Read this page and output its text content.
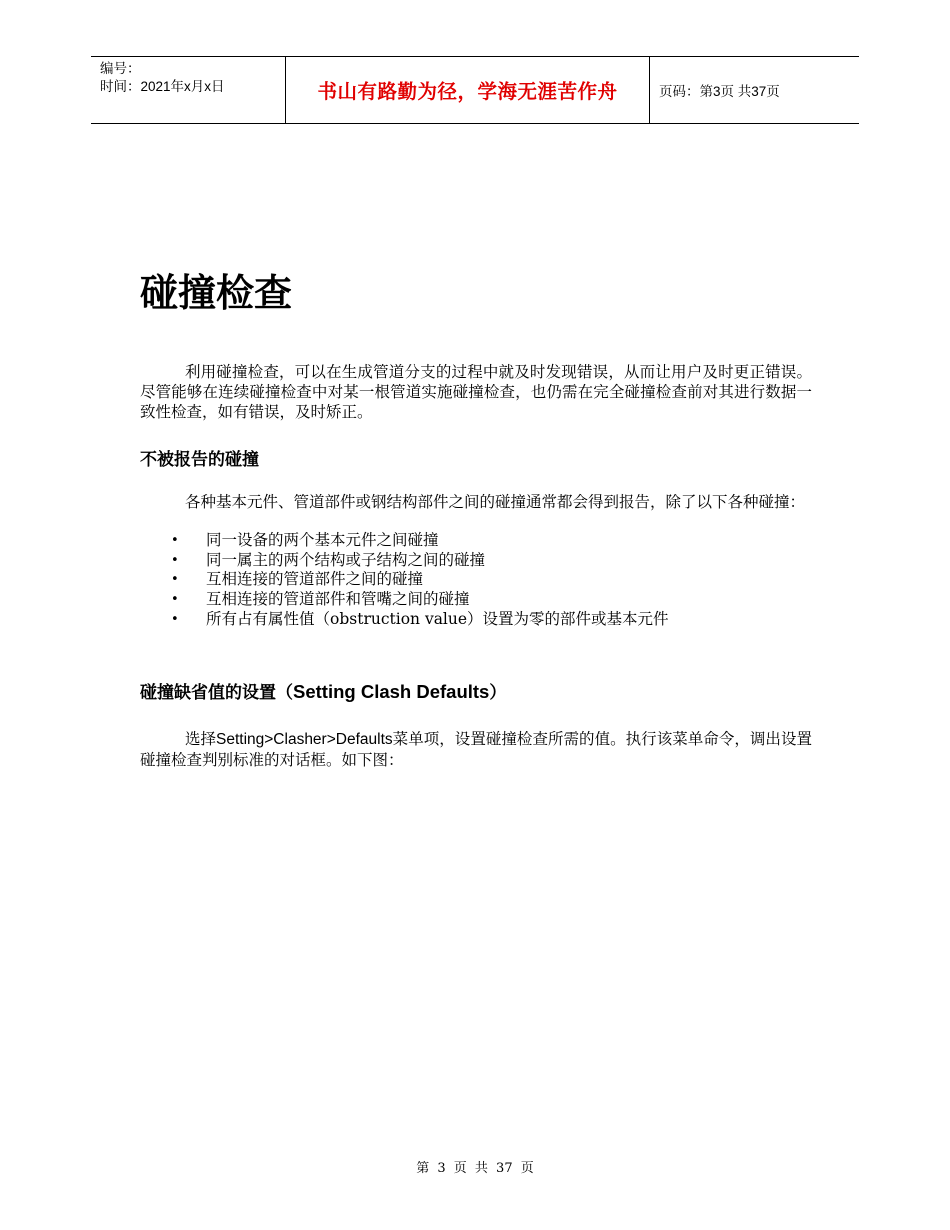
编号：
时间：2021年x月x日	书山有路勤为径，学海无涯苦作舟	页码：第3页 共37页
碰撞检查

利用碰撞检查，可以在生成管道分支的过程中就及时发现错误，从而让用户及时更正错误。尽管能够在连续碰撞检查中对某一根管道实施碰撞检查，也仍需在完全碰撞检查前对其进行数据一致性检查，如有错误，及时矫正。

不被报告的碰撞

各种基本元件、管道部件或钢结构部件之间的碰撞通常都会得到报告，除了以下各种碰撞：

• 同一设备的两个基本元件之间碰撞
• 同一属主的两个结构或子结构之间的碰撞
• 互相连接的管道部件之间的碰撞
• 互相连接的管道部件和管嘴之间的碰撞
• 所有占有属性值（obstruction value）设置为零的部件或基本元件
碰撞缺省值的设置（Setting Clash Defaults）

选择Setting>Clasher>Defaults菜单项，设置碰撞检查所需的值。执行该菜单命令，调出设置碰撞检查判别标准的对话框。如下图：

第 3 页 共 37 页
